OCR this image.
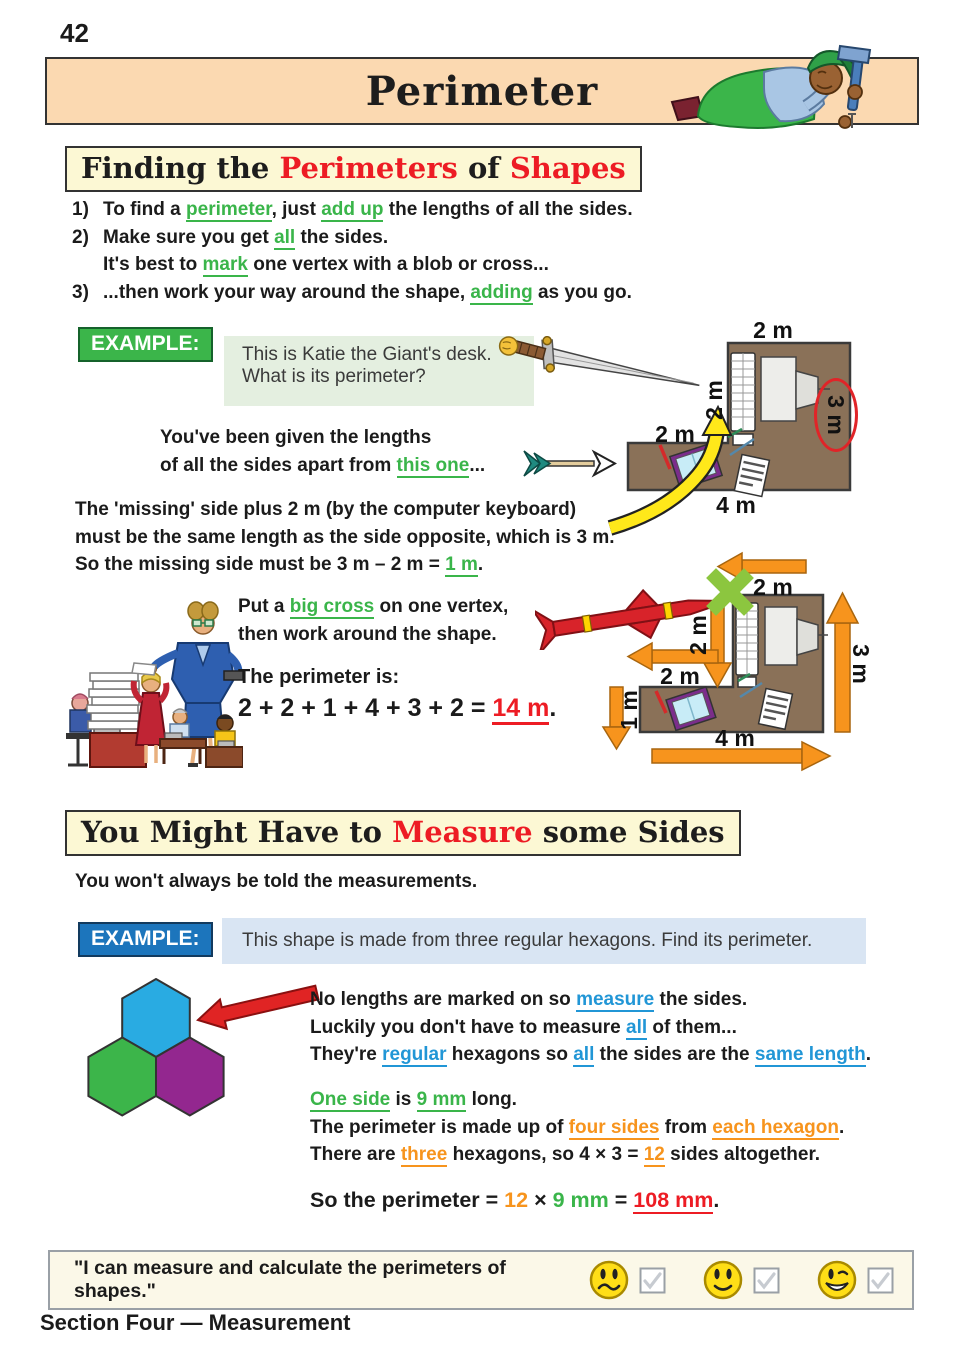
42
Perimeter
Finding the Perimeters of Shapes
1) To find a perimeter, just add up the lengths of all the sides.
2) Make sure you get all the sides.
It's best to mark one vertex with a blob or cross...
3) ...then work your way around the shape, adding as you go.
EXAMPLE:	This is Katie the Giant's desk.
What is its perimeter?
2 m
2 m
2 m
4 m
3 m
You've been given the lengths
of all the sides apart from this one...
The 'missing' side plus 2 m (by the computer keyboard)
must be the same length as the side opposite, which is 3 m.
So the missing side must be 3 m – 2 m = 1 m.
Put a big cross on one vertex,
then work around the shape.
The perimeter is:
2 + 2 + 1 + 4 + 3 + 2 = 14 m.
2 m
2 m
2 m
1 m
4 m
3 m
You Might Have to Measure some Sides
You won't always be told the measurements.
EXAMPLE:	This shape is made from three regular hexagons. Find its perimeter.
No lengths are marked on so measure the sides.
Luckily you don't have to measure all of them...
They're regular hexagons so all the sides are the same length.
One side is 9 mm long.
The perimeter is made up of four sides from each hexagon.
There are three hexagons, so 4 × 3 = 12 sides altogether.
So the perimeter = 12 × 9 mm = 108 mm.
"I can measure and calculate the perimeters of shapes."
Section Four — Measurement
